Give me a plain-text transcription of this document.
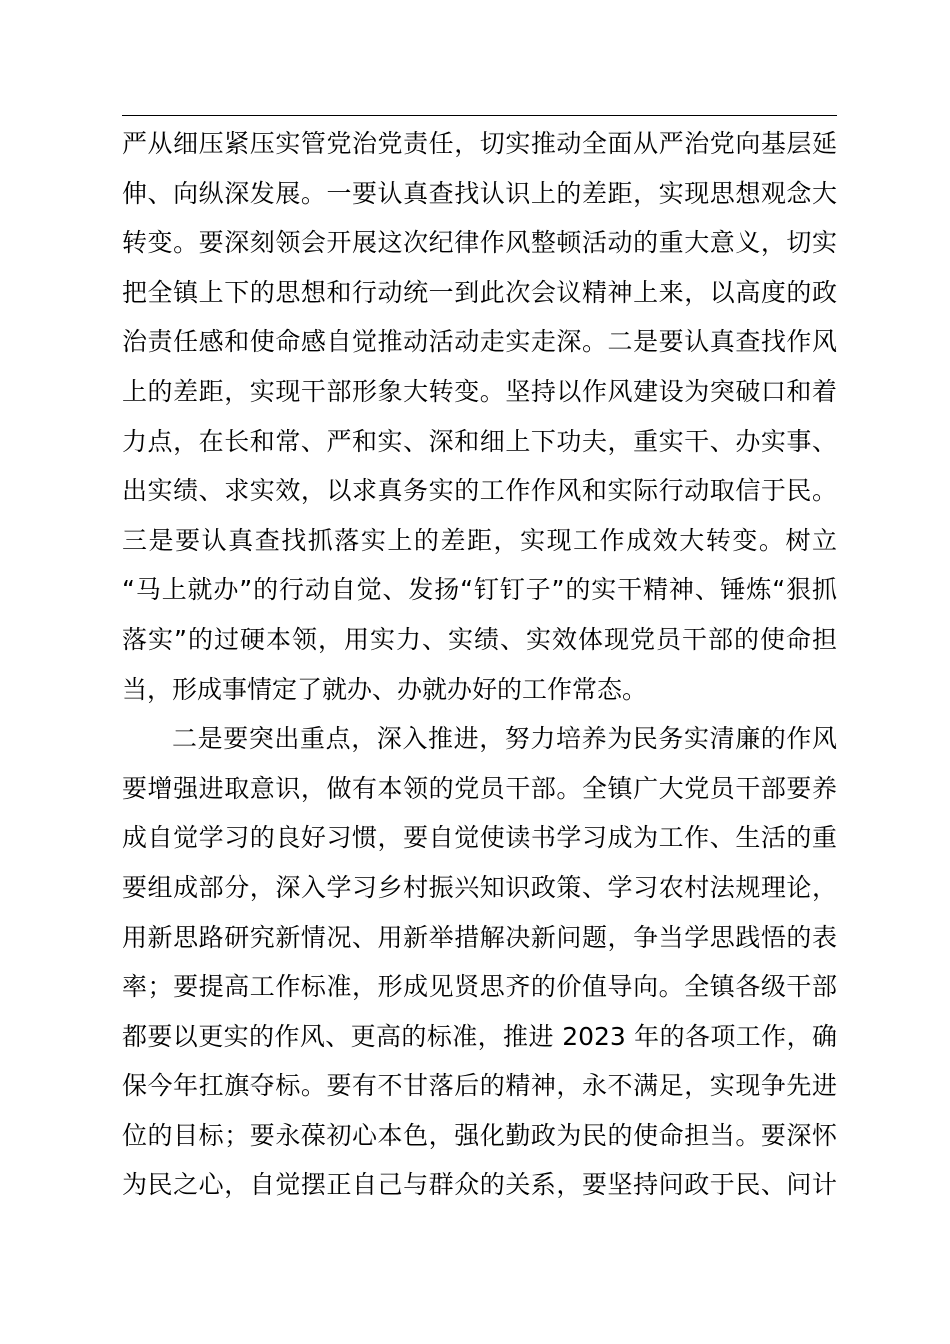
严从细压紧压实管党治党责任，切实推动全面从严治党向基层延
伸、向纵深发展。一要认真查找认识上的差距，实现思想观念大
转变。要深刻领会开展这次纪律作风整顿活动的重大意义，切实
把全镇上下的思想和行动统一到此次会议精神上来，以高度的政
治责任感和使命感自觉推动活动走实走深。二是要认真查找作风
上的差距，实现干部形象大转变。坚持以作风建设为突破口和着
力点，在长和常、严和实、深和细上下功夫，重实干、办实事、
出实绩、求实效，以求真务实的工作作风和实际行动取信于民。
三是要认真查找抓落实上的差距，实现工作成效大转变。树立
“马上就办”的行动自觉、发扬“钉钉子”的实干精神、锤炼“狠抓
落实”的过硬本领，用实力、实绩、实效体现党员干部的使命担
当，形成事情定了就办、办就办好的工作常态。
二是要突出重点，深入推进，努力培养为民务实清廉的作风
要增强进取意识，做有本领的党员干部。全镇广大党员干部要养
成自觉学习的良好习惯，要自觉使读书学习成为工作、生活的重
要组成部分，深入学习乡村振兴知识政策、学习农村法规理论，
用新思路研究新情况、用新举措解决新问题，争当学思践悟的表
率；要提高工作标准，形成见贤思齐的价值导向。全镇各级干部
都要以更实的作风、更高的标准，推进 2023 年的各项工作，确
保今年扛旗夺标。要有不甘落后的精神，永不满足，实现争先进
位的目标；要永葆初心本色，强化勤政为民的使命担当。要深怀
为民之心，自觉摆正自己与群众的关系，要坚持问政于民、问计
